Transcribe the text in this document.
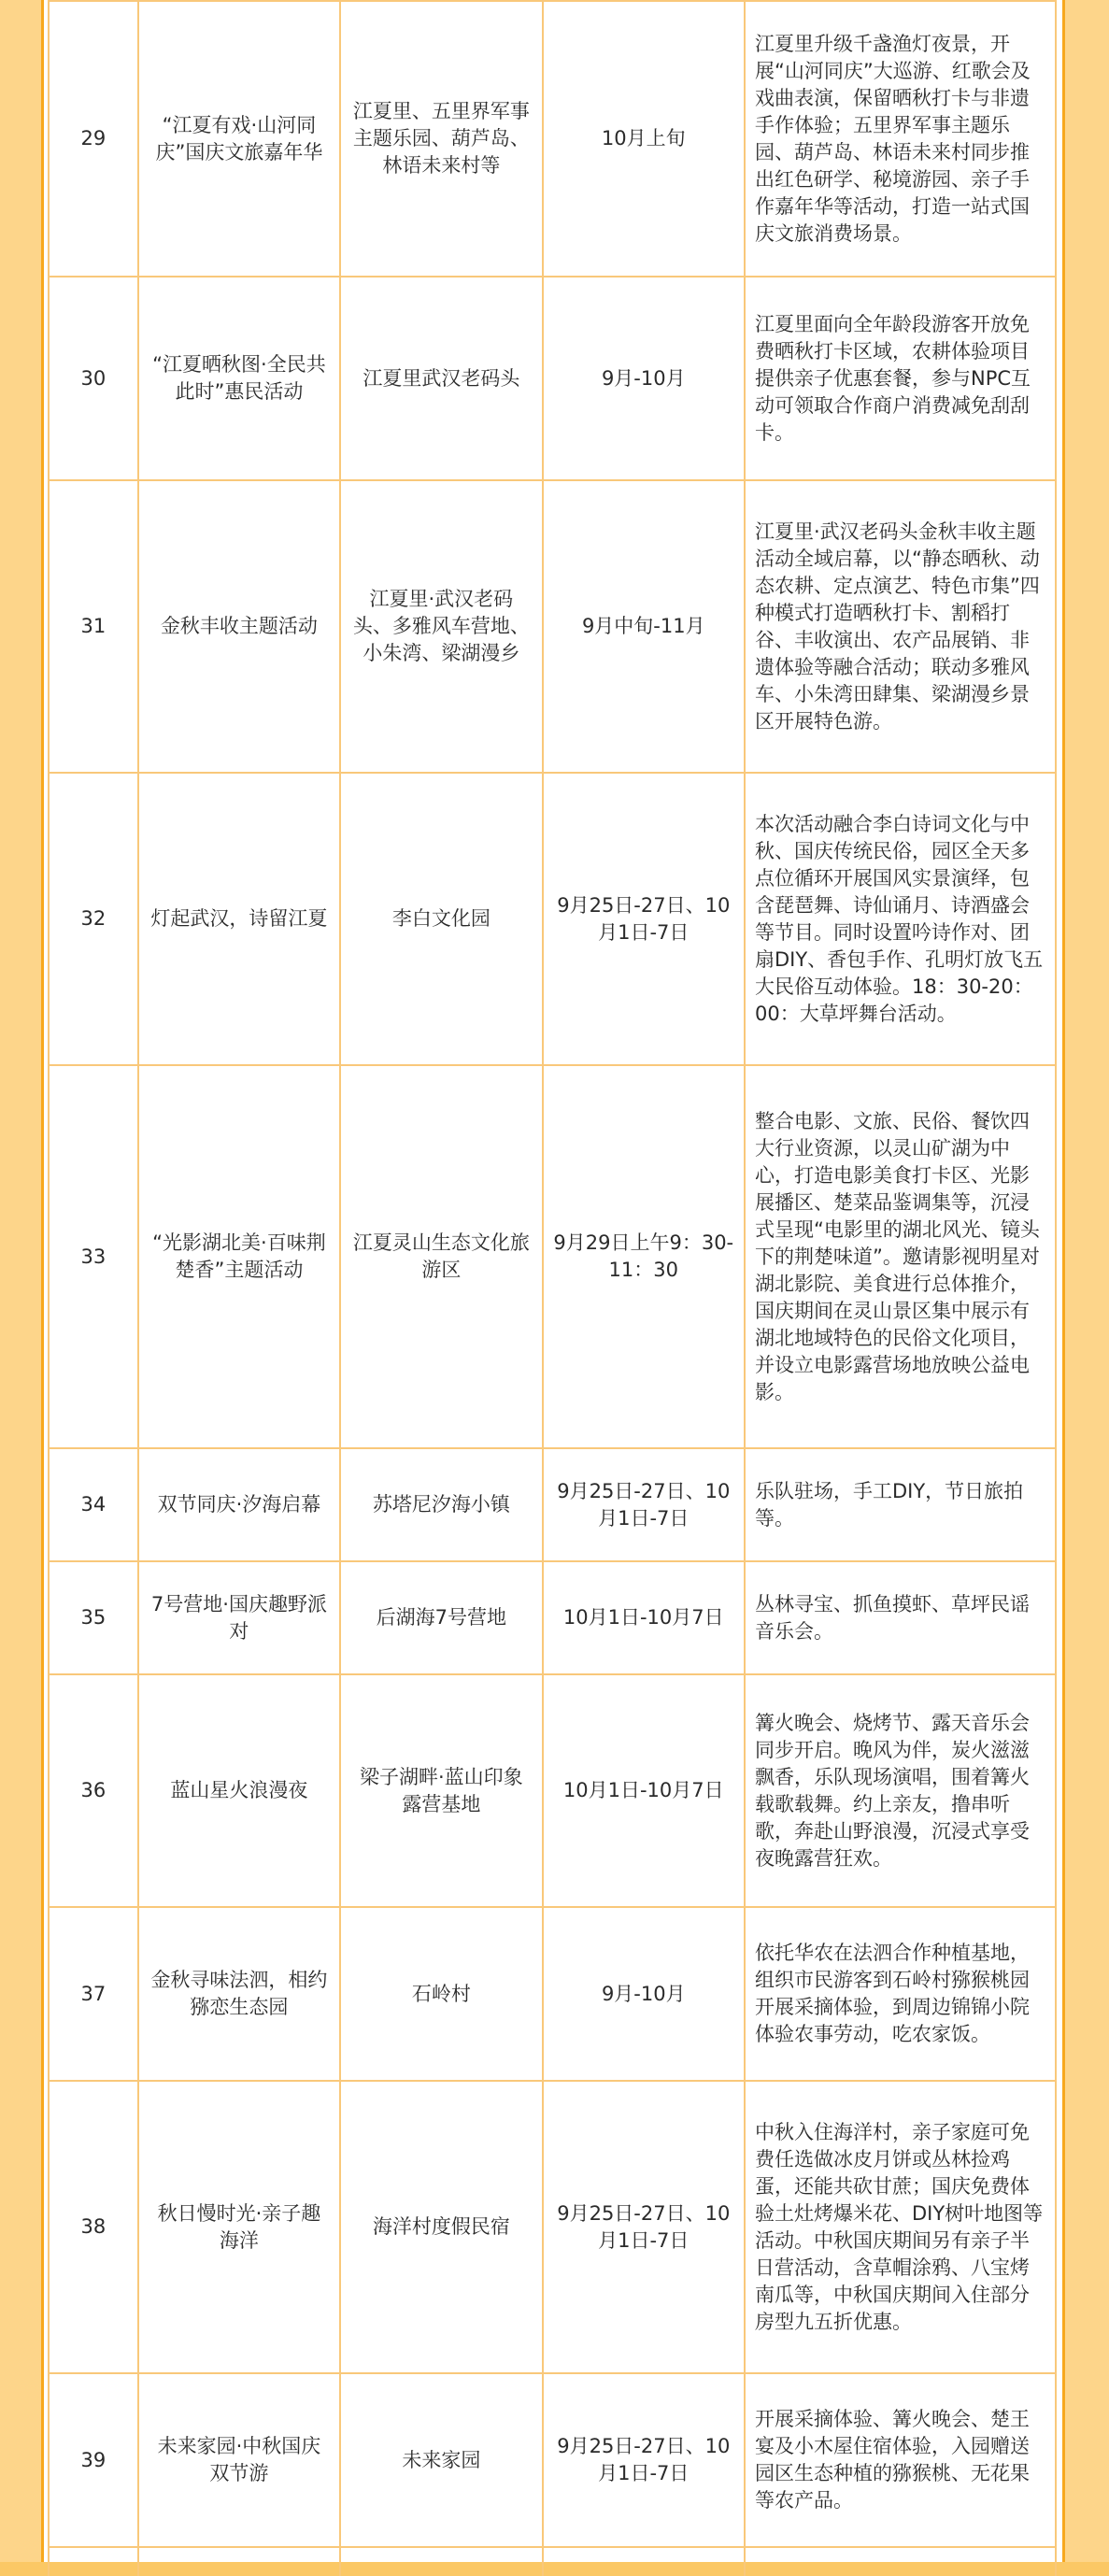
29	“江夏有戏·山河同庆”国庆文旅嘉年华	江夏里、五里界军事主题乐园、葫芦岛、林语未来村等	10月上旬	江夏里升级千盏渔灯夜景，开展“山河同庆”大巡游、红歌会及戏曲表演，保留晒秋打卡与非遗手作体验；五里界军事主题乐园、葫芦岛、林语未来村同步推出红色研学、秘境游园、亲子手作嘉年华等活动，打造一站式国庆文旅消费场景。
30	“江夏晒秋图·全民共此时”惠民活动	江夏里武汉老码头	9月-10月	江夏里面向全年龄段游客开放免费晒秋打卡区域，农耕体验项目提供亲子优惠套餐，参与NPC互动可领取合作商户消费减免刮刮卡。
31	金秋丰收主题活动	江夏里·武汉老码头、多雅风车营地、小朱湾、梁湖漫乡	9月中旬-11月	江夏里·武汉老码头金秋丰收主题活动全域启幕，以“静态晒秋、动态农耕、定点演艺、特色市集”四种模式打造晒秋打卡、割稻打谷、丰收演出、农产品展销、非遗体验等融合活动；联动多雅风车、小朱湾田肆集、梁湖漫乡景区开展特色游。
32	灯起武汉，诗留江夏	李白文化园	9月25日-27日、10月1日-7日	本次活动融合李白诗词文化与中秋、国庆传统民俗，园区全天多点位循环开展国风实景演绎，包含琵琶舞、诗仙诵月、诗酒盛会等节目。同时设置吟诗作对、团扇DIY、香包手作、孔明灯放飞五大民俗互动体验。18：30-20：00：大草坪舞台活动。
33	“光影湖北美·百味荆楚香”主题活动	江夏灵山生态文化旅游区	9月29日上午9：30-11：30	整合电影、文旅、民俗、餐饮四大行业资源，以灵山矿湖为中心，打造电影美食打卡区、光影展播区、楚菜品鉴调集等，沉浸式呈现“电影里的湖北风光、镜头下的荆楚味道”。邀请影视明星对湖北影院、美食进行总体推介，国庆期间在灵山景区集中展示有湖北地域特色的民俗文化项目，并设立电影露营场地放映公益电影。
34	双节同庆·汐海启幕	苏塔尼汐海小镇	9月25日-27日、10月1日-7日	乐队驻场，手工DIY，节日旅拍等。
35	7号营地·国庆趣野派对	后湖海7号营地	10月1日-10月7日	丛林寻宝、抓鱼摸虾、草坪民谣音乐会。
36	蓝山星火浪漫夜	梁子湖畔·蓝山印象露营基地	10月1日-10月7日	篝火晚会、烧烤节、露天音乐会同步开启。晚风为伴，炭火滋滋飘香，乐队现场演唱，围着篝火载歌载舞。约上亲友，撸串听歌，奔赴山野浪漫，沉浸式享受夜晚露营狂欢。
37	金秋寻味法泗，相约猕恋生态园	石岭村	9月-10月	依托华农在法泗合作种植基地，组织市民游客到石岭村猕猴桃园开展采摘体验，到周边锦锦小院体验农事劳动，吃农家饭。
38	秋日慢时光·亲子趣海洋	海洋村度假民宿	9月25日-27日、10月1日-7日	中秋入住海洋村，亲子家庭可免费任选做冰皮月饼或丛林捡鸡蛋，还能共砍甘蔗；国庆免费体验土灶烤爆米花、DIY树叶地图等活动。中秋国庆期间另有亲子半日营活动，含草帽涂鸦、八宝烤南瓜等，中秋国庆期间入住部分房型九五折优惠。
39	未来家园·中秋国庆双节游	未来家园	9月25日-27日、10月1日-7日	开展采摘体验、篝火晚会、楚王宴及小木屋住宿体验，入园赠送园区生态种植的猕猴桃、无花果等农产品。
